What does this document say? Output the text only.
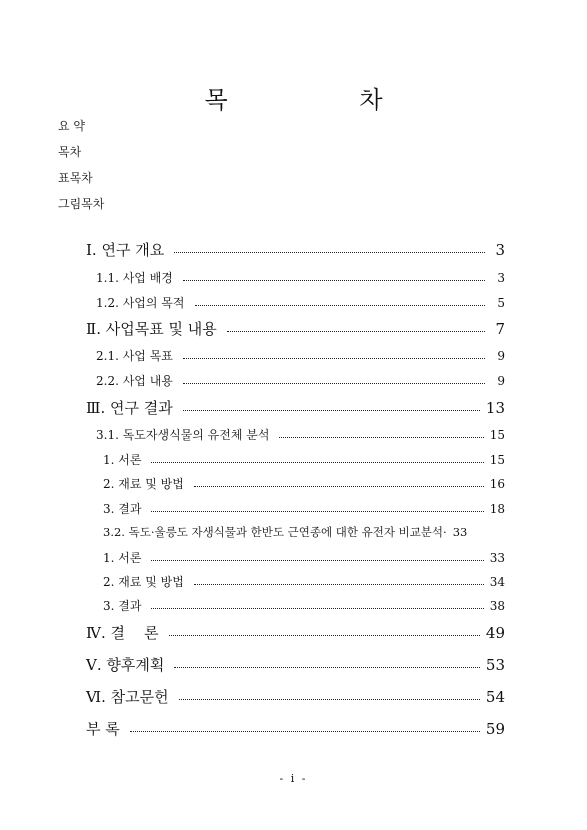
목 차
요 약
목차
표목차
그림목차
Ⅰ. 연구 개요	3
1.1. 사업 배경	3
1.2. 사업의 목적	5
Ⅱ. 사업목표 및 내용	7
2.1. 사업 목표	9
2.2. 사업 내용	9
Ⅲ. 연구 결과	13
3.1. 독도자생식물의 유전체 분석	15
1. 서론	15
2. 재료 및 방법	16
3. 결과	18
3.2. 독도·울릉도 자생식물과 한반도 근연종에 대한 유전자 비교분석· 33
1. 서론	33
2. 재료 및 방법	34
3. 결과	38
Ⅳ. 결    론	49
Ⅴ. 향후계획	53
Ⅵ. 참고문헌	54
부 록	59
- i -
